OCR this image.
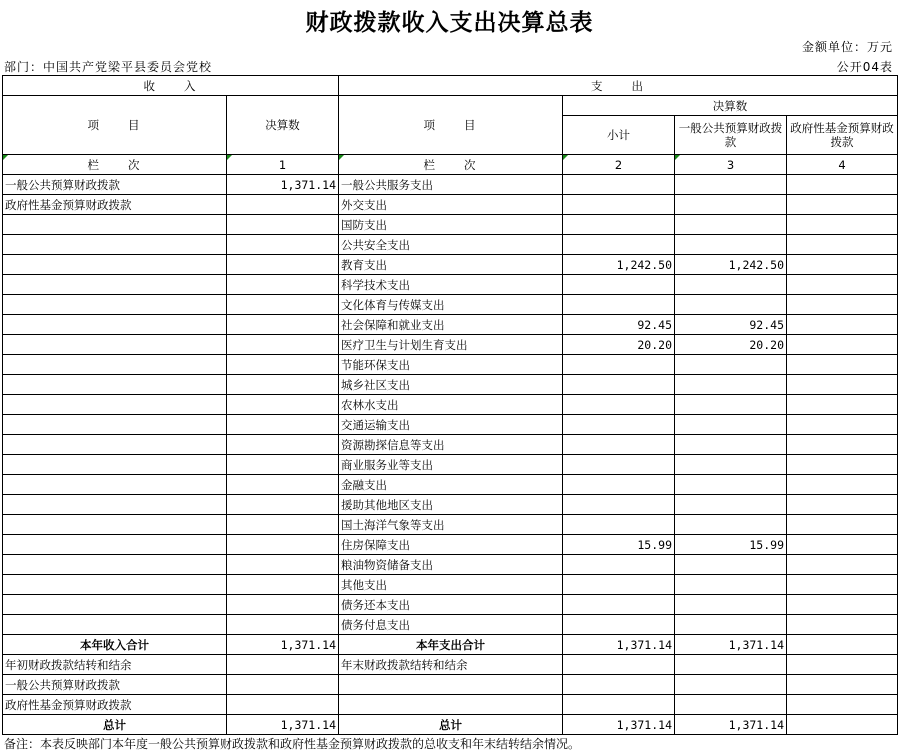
财政拨款收入支出决算总表
金额单位：万元
部门：中国共产党梁平县委员会党校	公开04表
收　　入		支　　出			
项　　目	决算数	项　　目	决算数		
			小计	一般公共预算财政拨款	政府性基金预算财政拨款
栏　　次	1	栏　　次	2	3	4
一般公共预算财政拨款	1,371.14	一般公共服务支出			
政府性基金预算财政拨款		外交支出			
		国防支出			
		公共安全支出			
		教育支出	1,242.50	1,242.50	
		科学技术支出			
		文化体育与传媒支出			
		社会保障和就业支出	92.45	92.45	
		医疗卫生与计划生育支出	20.20	20.20	
		节能环保支出			
		城乡社区支出			
		农林水支出			
		交通运输支出			
		资源勘探信息等支出			
		商业服务业等支出			
		金融支出			
		援助其他地区支出			
		国土海洋气象等支出			
		住房保障支出	15.99	15.99	
		粮油物资储备支出			
		其他支出			
		债务还本支出			
		债务付息支出			
本年收入合计	1,371.14	本年支出合计	1,371.14	1,371.14	
年初财政拨款结转和结余		年末财政拨款结转和结余			
一般公共预算财政拨款					
政府性基金预算财政拨款					
总计	1,371.14	总计	1,371.14	1,371.14	
备注：本表反映部门本年度一般公共预算财政拨款和政府性基金预算财政拨款的总收支和年末结转结余情况。
